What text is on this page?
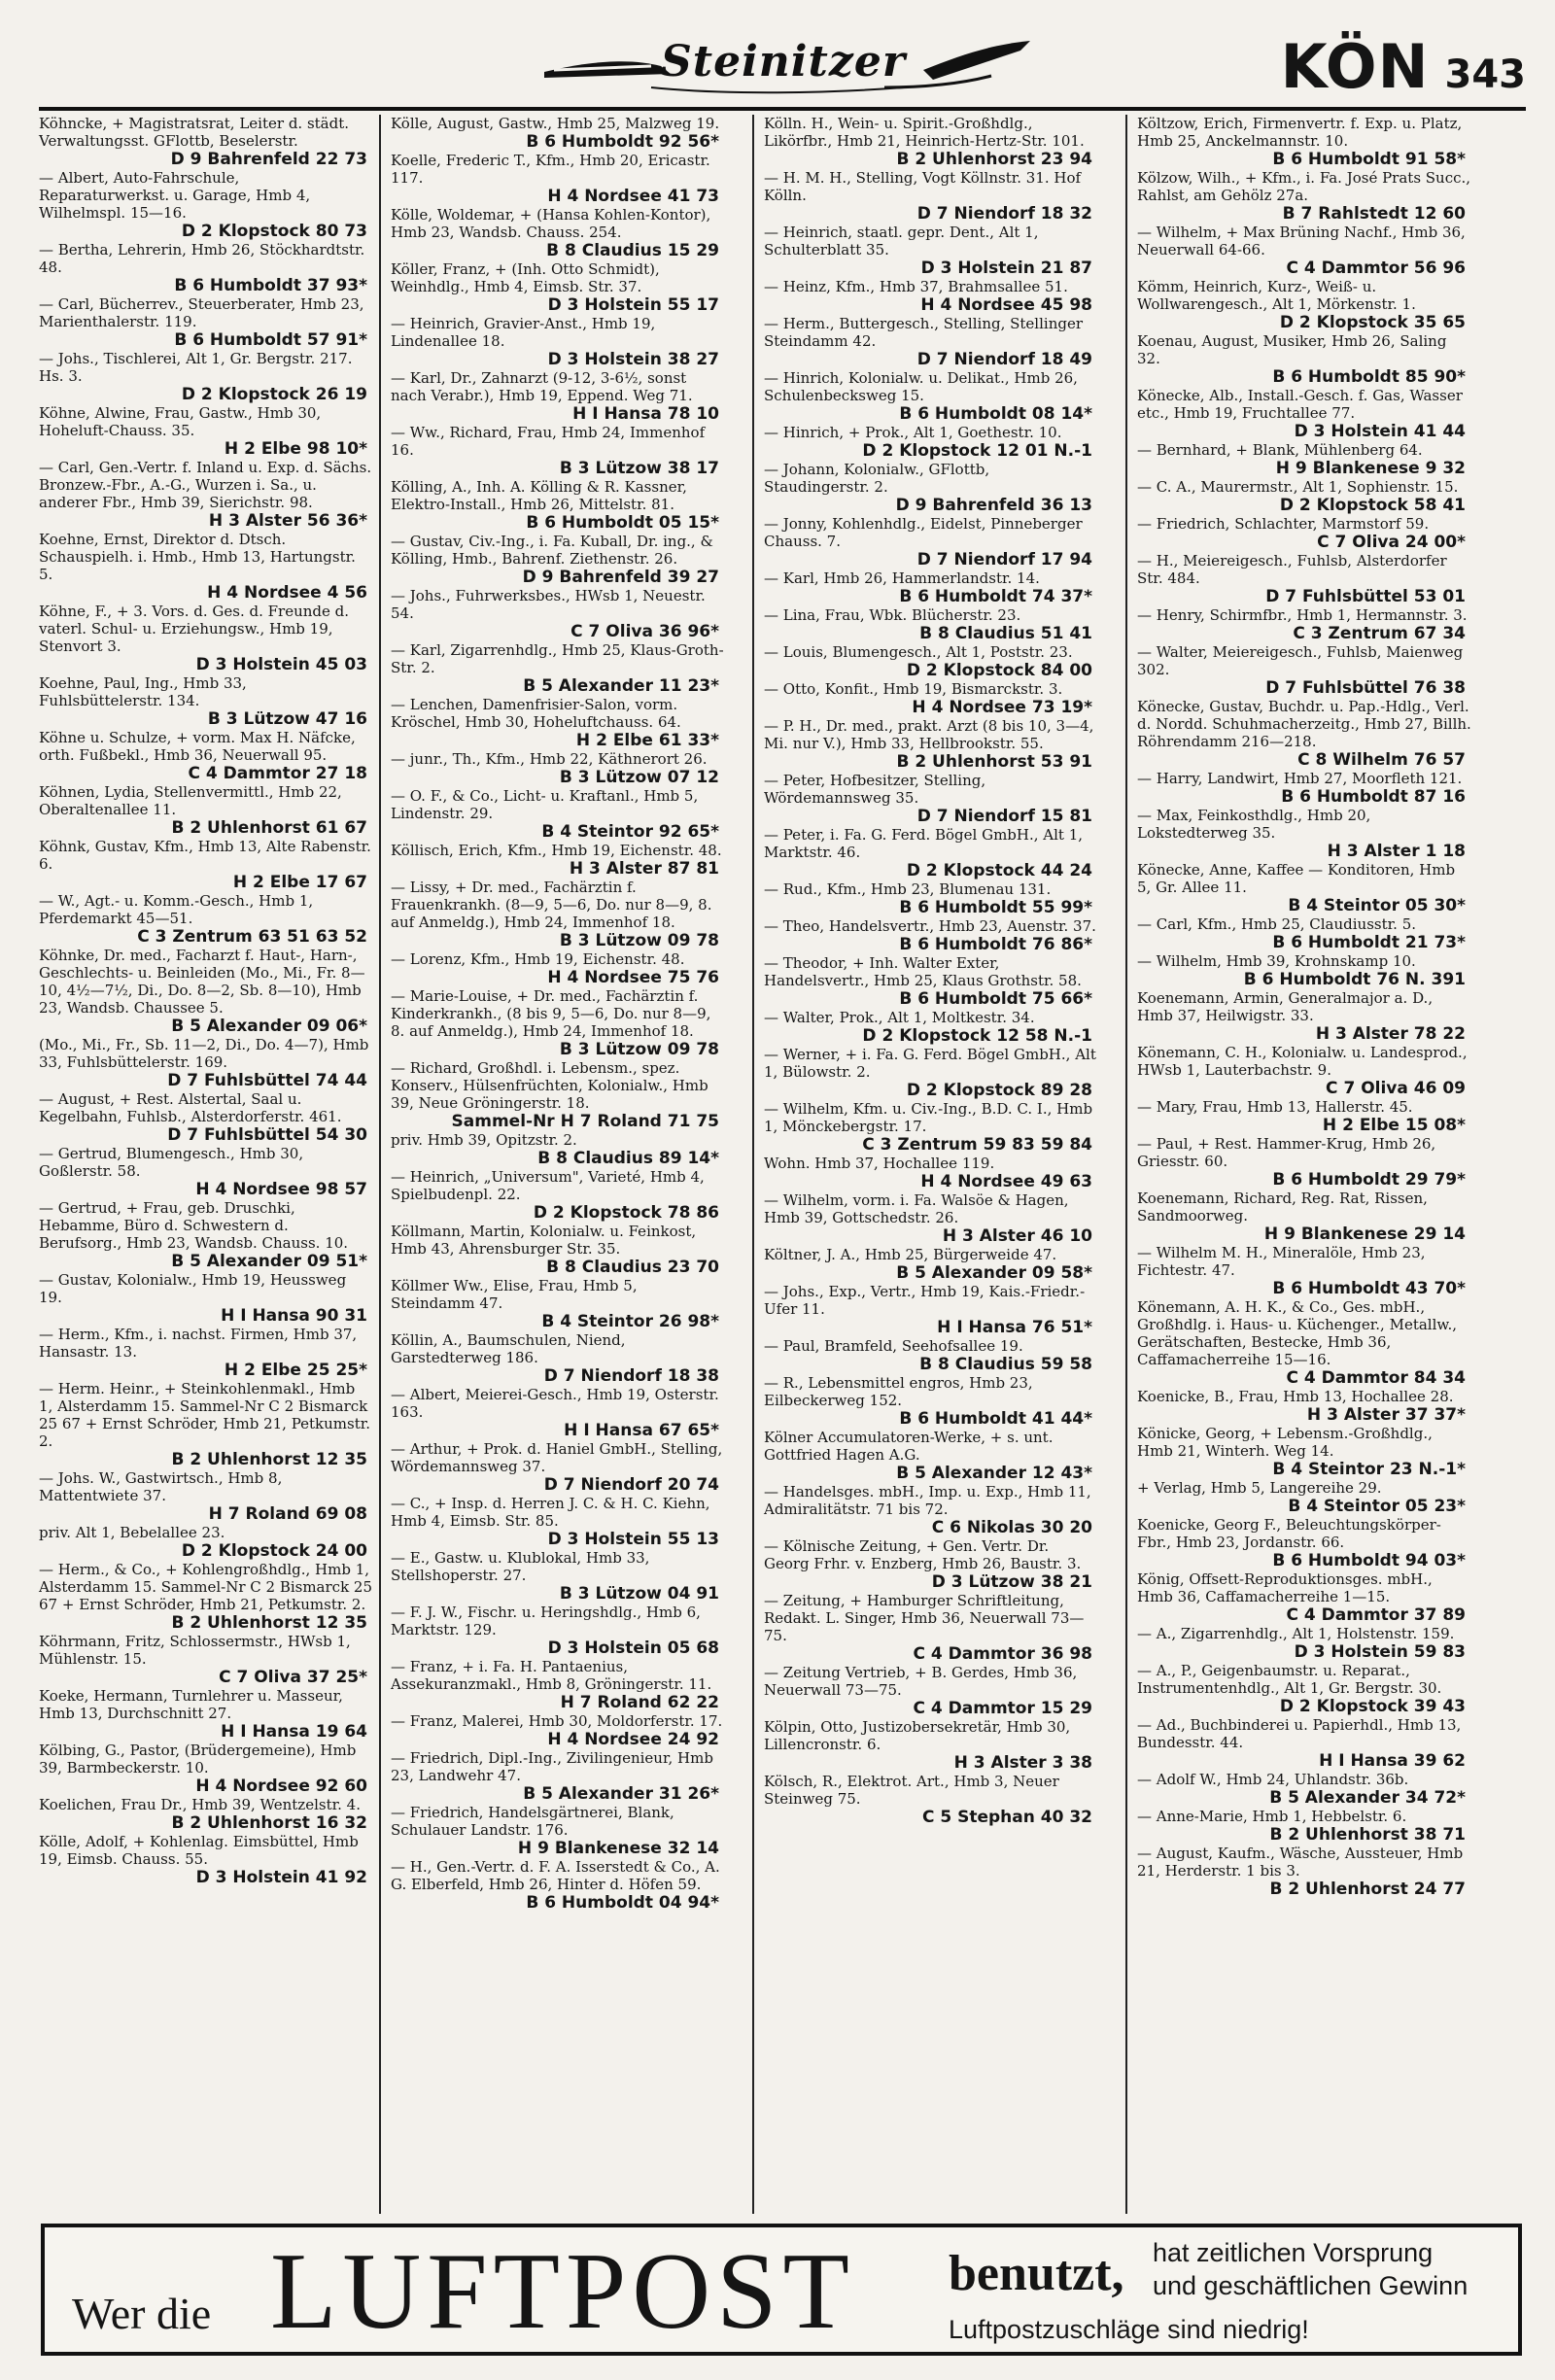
Steinitzer	KÖN 343
Köhncke, + Magistratsrat, Leiter d. städt. Verwaltungsst. GFlottb, Beselerstr.
D 9 Bahrenfeld 22 73
— Albert, Auto-Fahrschule, Reparaturwerkst. u. Garage, Hmb 4, Wilhelmspl. 15—16.
D 2 Klopstock 80 73
— Bertha, Lehrerin, Hmb 26, Stöckhardtstr. 48.
B 6 Humboldt 37 93*
— Carl, Bücherrev., Steuerberater, Hmb 23, Marienthalerstr. 119.
B 6 Humboldt 57 91*
— Johs., Tischlerei, Alt 1, Gr. Bergstr. 217. Hs. 3.
D 2 Klopstock 26 19
Köhne, Alwine, Frau, Gastw., Hmb 30, Hoheluft-Chauss. 35.
H 2 Elbe 98 10*
— Carl, Gen.-Vertr. f. Inland u. Exp. d. Sächs. Bronzew.-Fbr., A.-G., Wurzen i. Sa., u. anderer Fbr., Hmb 39, Sierichstr. 98.
H 3 Alster 56 36*
Koehne, Ernst, Direktor d. Dtsch. Schauspielh. i. Hmb., Hmb 13, Hartungstr. 5.
H 4 Nordsee 4 56
Köhne, F., + 3. Vors. d. Ges. d. Freunde d. vaterl. Schul- u. Erziehungsw., Hmb 19, Stenvort 3.
D 3 Holstein 45 03
Koehne, Paul, Ing., Hmb 33, Fuhlsbüttelerstr. 134.
B 3 Lützow 47 16
Köhne u. Schulze, + vorm. Max H. Näfcke, orth. Fußbekl., Hmb 36, Neuerwall 95.
C 4 Dammtor 27 18
Köhnen, Lydia, Stellenvermittl., Hmb 22, Oberaltenallee 11.
B 2 Uhlenhorst 61 67
Köhnk, Gustav, Kfm., Hmb 13, Alte Rabenstr. 6.
H 2 Elbe 17 67
— W., Agt.- u. Komm.-Gesch., Hmb 1, Pferdemarkt 45—51.
C 3 Zentrum 63 51 63 52
Köhnke, Dr. med., Facharzt f. Haut-, Harn-, Geschlechts- u. Beinleiden (Mo., Mi., Fr. 8—10, 4½—7½, Di., Do. 8—2, Sb. 8—10), Hmb 23, Wandsb. Chaussee 5.
B 5 Alexander 09 06*
(Mo., Mi., Fr., Sb. 11—2, Di., Do. 4—7), Hmb 33, Fuhlsbüttelerstr. 169.
D 7 Fuhlsbüttel 74 44
— August, + Rest. Alstertal, Saal u. Kegelbahn, Fuhlsb., Alsterdorferstr. 461.
D 7 Fuhlsbüttel 54 30
— Gertrud, Blumengesch., Hmb 30, Goßlerstr. 58.
H 4 Nordsee 98 57
— Gertrud, + Frau, geb. Druschki, Hebamme, Büro d. Schwestern d. Berufsorg., Hmb 23, Wandsb. Chauss. 10.
B 5 Alexander 09 51*
— Gustav, Kolonialw., Hmb 19, Heussweg 19.
H I Hansa 90 31
— Herm., Kfm., i. nachst. Firmen, Hmb 37, Hansastr. 13.
H 2 Elbe 25 25*
— Herm. Heinr., + Steinkohlenmakl., Hmb 1, Alsterdamm 15. Sammel-Nr C 2 Bismarck 25 67 + Ernst Schröder, Hmb 21, Petkumstr. 2.
B 2 Uhlenhorst 12 35
— Johs. W., Gastwirtsch., Hmb 8, Mattentwiete 37.
H 7 Roland 69 08
priv. Alt 1, Bebelallee 23.
D 2 Klopstock 24 00
— Herm., & Co., + Kohlengroßhdlg., Hmb 1, Alsterdamm 15. Sammel-Nr C 2 Bismarck 25 67 + Ernst Schröder, Hmb 21, Petkumstr. 2.
B 2 Uhlenhorst 12 35
Köhrmann, Fritz, Schlossermstr., HWsb 1, Mühlenstr. 15.
C 7 Oliva 37 25*
Koeke, Hermann, Turnlehrer u. Masseur, Hmb 13, Durchschnitt 27.
H I Hansa 19 64
Kölbing, G., Pastor, (Brüdergemeine), Hmb 39, Barmbeckerstr. 10.
H 4 Nordsee 92 60
Koelichen, Frau Dr., Hmb 39, Wentzelstr. 4.
B 2 Uhlenhorst 16 32
Kölle, Adolf, + Kohlenlag. Eimsbüttel, Hmb 19, Eimsb. Chauss. 55.
D 3 Holstein 41 92
Kölle, August, Gastw., Hmb 25, Malzweg 19.
B 6 Humboldt 92 56*
Koelle, Frederic T., Kfm., Hmb 20, Ericastr. 117.
H 4 Nordsee 41 73
Kölle, Woldemar, + (Hansa Kohlen-Kontor), Hmb 23, Wandsb. Chauss. 254.
B 8 Claudius 15 29
Köller, Franz, + (Inh. Otto Schmidt), Weinhdlg., Hmb 4, Eimsb. Str. 37.
D 3 Holstein 55 17
— Heinrich, Gravier-Anst., Hmb 19, Lindenallee 18.
D 3 Holstein 38 27
— Karl, Dr., Zahnarzt (9-12, 3-6½, sonst nach Verabr.), Hmb 19, Eppend. Weg 71.
H I Hansa 78 10
— Ww., Richard, Frau, Hmb 24, Immenhof 16.
B 3 Lützow 38 17
Kölling, A., Inh. A. Kölling & R. Kassner, Elektro-Install., Hmb 26, Mittelstr. 81.
B 6 Humboldt 05 15*
— Gustav, Civ.-Ing., i. Fa. Kuball, Dr. ing., & Kölling, Hmb., Bahrenf. Ziethenstr. 26.
D 9 Bahrenfeld 39 27
— Johs., Fuhrwerksbes., HWsb 1, Neuestr. 54.
C 7 Oliva 36 96*
— Karl, Zigarrenhdlg., Hmb 25, Klaus-Groth-Str. 2.
B 5 Alexander 11 23*
— Lenchen, Damenfrisier-Salon, vorm. Kröschel, Hmb 30, Hoheluftchauss. 64.
H 2 Elbe 61 33*
— junr., Th., Kfm., Hmb 22, Käthnerort 26.
B 3 Lützow 07 12
— O. F., & Co., Licht- u. Kraftanl., Hmb 5, Lindenstr. 29.
B 4 Steintor 92 65*
Köllisch, Erich, Kfm., Hmb 19, Eichenstr. 48.
H 3 Alster 87 81
— Lissy, + Dr. med., Fachärztin f. Frauenkrankh. (8—9, 5—6, Do. nur 8—9, 8. auf Anmeldg.), Hmb 24, Immenhof 18.
B 3 Lützow 09 78
— Lorenz, Kfm., Hmb 19, Eichenstr. 48.
H 4 Nordsee 75 76
— Marie-Louise, + Dr. med., Fachärztin f. Kinderkrankh., (8 bis 9, 5—6, Do. nur 8—9, 8. auf Anmeldg.), Hmb 24, Immenhof 18.
B 3 Lützow 09 78
— Richard, Großhdl. i. Lebensm., spez. Konserv., Hülsenfrüchten, Kolonialw., Hmb 39, Neue Gröningerstr. 18.
Sammel-Nr H 7 Roland 71 75
priv. Hmb 39, Opitzstr. 2.
B 8 Claudius 89 14*
— Heinrich, „Universum", Varieté, Hmb 4, Spielbudenpl. 22.
D 2 Klopstock 78 86
Köllmann, Martin, Kolonialw. u. Feinkost, Hmb 43, Ahrensburger Str. 35.
B 8 Claudius 23 70
Köllmer Ww., Elise, Frau, Hmb 5, Steindamm 47.
B 4 Steintor 26 98*
Köllin, A., Baumschulen, Niend, Garstedterweg 186.
D 7 Niendorf 18 38
— Albert, Meierei-Gesch., Hmb 19, Osterstr. 163.
H I Hansa 67 65*
— Arthur, + Prok. d. Haniel GmbH., Stelling, Wördemannsweg 37.
D 7 Niendorf 20 74
— C., + Insp. d. Herren J. C. & H. C. Kiehn, Hmb 4, Eimsb. Str. 85.
D 3 Holstein 55 13
— E., Gastw. u. Klublokal, Hmb 33, Stellshoperstr. 27.
B 3 Lützow 04 91
— F. J. W., Fischr. u. Heringshdlg., Hmb 6, Marktstr. 129.
D 3 Holstein 05 68
— Franz, + i. Fa. H. Pantaenius, Assekuranzmakl., Hmb 8, Gröningerstr. 11.
H 7 Roland 62 22
— Franz, Malerei, Hmb 30, Moldorferstr. 17.
H 4 Nordsee 24 92
— Friedrich, Dipl.-Ing., Zivilingenieur, Hmb 23, Landwehr 47.
B 5 Alexander 31 26*
— Friedrich, Handelsgärtnerei, Blank, Schulauer Landstr. 176.
H 9 Blankenese 32 14
— H., Gen.-Vertr. d. F. A. Isserstedt & Co., A. G. Elberfeld, Hmb 26, Hinter d. Höfen 59.
B 6 Humboldt 04 94*
Kölln. H., Wein- u. Spirit.-Großhdlg., Likörfbr., Hmb 21, Heinrich-Hertz-Str. 101.
B 2 Uhlenhorst 23 94
— H. M. H., Stelling, Vogt Köllnstr. 31. Hof Kölln.
D 7 Niendorf 18 32
— Heinrich, staatl. gepr. Dent., Alt 1, Schulterblatt 35.
D 3 Holstein 21 87
— Heinz, Kfm., Hmb 37, Brahmsallee 51.
H 4 Nordsee 45 98
— Herm., Buttergesch., Stelling, Stellinger Steindamm 42.
D 7 Niendorf 18 49
— Hinrich, Kolonialw. u. Delikat., Hmb 26, Schulenbecksweg 15.
B 6 Humboldt 08 14*
— Hinrich, + Prok., Alt 1, Goethestr. 10.
D 2 Klopstock 12 01 N.-1
— Johann, Kolonialw., GFlottb, Staudingerstr. 2.
D 9 Bahrenfeld 36 13
— Jonny, Kohlenhdlg., Eidelst, Pinneberger Chauss. 7.
D 7 Niendorf 17 94
— Karl, Hmb 26, Hammerlandstr. 14.
B 6 Humboldt 74 37*
— Lina, Frau, Wbk. Blücherstr. 23.
B 8 Claudius 51 41
— Louis, Blumengesch., Alt 1, Poststr. 23.
D 2 Klopstock 84 00
— Otto, Konfit., Hmb 19, Bismarckstr. 3.
H 4 Nordsee 73 19*
— P. H., Dr. med., prakt. Arzt (8 bis 10, 3—4, Mi. nur V.), Hmb 33, Hellbrookstr. 55.
B 2 Uhlenhorst 53 91
— Peter, Hofbesitzer, Stelling, Wördemannsweg 35.
D 7 Niendorf 15 81
— Peter, i. Fa. G. Ferd. Bögel GmbH., Alt 1, Marktstr. 46.
D 2 Klopstock 44 24
— Rud., Kfm., Hmb 23, Blumenau 131.
B 6 Humboldt 55 99*
— Theo, Handelsvertr., Hmb 23, Auenstr. 37.
B 6 Humboldt 76 86*
— Theodor, + Inh. Walter Exter, Handelsvertr., Hmb 25, Klaus Grothstr. 58.
B 6 Humboldt 75 66*
— Walter, Prok., Alt 1, Moltkestr. 34.
D 2 Klopstock 12 58 N.-1
— Werner, + i. Fa. G. Ferd. Bögel GmbH., Alt 1, Bülowstr. 2.
D 2 Klopstock 89 28
— Wilhelm, Kfm. u. Civ.-Ing., B.D. C. I., Hmb 1, Mönckebergstr. 17.
C 3 Zentrum 59 83 59 84
Wohn. Hmb 37, Hochallee 119.
H 4 Nordsee 49 63
— Wilhelm, vorm. i. Fa. Walsöe & Hagen, Hmb 39, Gottschedstr. 26.
H 3 Alster 46 10
Költner, J. A., Hmb 25, Bürgerweide 47.
B 5 Alexander 09 58*
— Johs., Exp., Vertr., Hmb 19, Kais.-Friedr.-Ufer 11.
H I Hansa 76 51*
— Paul, Bramfeld, Seehofsallee 19.
B 8 Claudius 59 58
— R., Lebensmittel engros, Hmb 23, Eilbeckerweg 152.
B 6 Humboldt 41 44*
Kölner Accumulatoren-Werke, + s. unt. Gottfried Hagen A.G.
B 5 Alexander 12 43*
— Handelsges. mbH., Imp. u. Exp., Hmb 11, Admiralitätstr. 71 bis 72.
C 6 Nikolas 30 20
— Kölnische Zeitung, + Gen. Vertr. Dr. Georg Frhr. v. Enzberg, Hmb 26, Baustr. 3.
D 3 Lützow 38 21
— Zeitung, + Hamburger Schriftleitung, Redakt. L. Singer, Hmb 36, Neuerwall 73—75.
C 4 Dammtor 36 98
— Zeitung Vertrieb, + B. Gerdes, Hmb 36, Neuerwall 73—75.
C 4 Dammtor 15 29
Kölpin, Otto, Justizobersekretär, Hmb 30, Lillencronstr. 6.
H 3 Alster 3 38
Kölsch, R., Elektrot. Art., Hmb 3, Neuer Steinweg 75.
C 5 Stephan 40 32
Költzow, Erich, Firmenvertr. f. Exp. u. Platz, Hmb 25, Anckelmannstr. 10.
B 6 Humboldt 91 58*
Kölzow, Wilh., + Kfm., i. Fa. José Prats Succ., Rahlst, am Gehölz 27a.
B 7 Rahlstedt 12 60
— Wilhelm, + Max Brüning Nachf., Hmb 36, Neuerwall 64-66.
C 4 Dammtor 56 96
Kömm, Heinrich, Kurz-, Weiß- u. Wollwarengesch., Alt 1, Mörkenstr. 1.
D 2 Klopstock 35 65
Koenau, August, Musiker, Hmb 26, Saling 32.
B 6 Humboldt 85 90*
Könecke, Alb., Install.-Gesch. f. Gas, Wasser etc., Hmb 19, Fruchtallee 77.
D 3 Holstein 41 44
— Bernhard, + Blank, Mühlenberg 64.
H 9 Blankenese 9 32
— C. A., Maurermstr., Alt 1, Sophienstr. 15.
D 2 Klopstock 58 41
— Friedrich, Schlachter, Marmstorf 59.
C 7 Oliva 24 00*
— H., Meiereigesch., Fuhlsb, Alsterdorfer Str. 484.
D 7 Fuhlsbüttel 53 01
— Henry, Schirmfbr., Hmb 1, Hermannstr. 3.
C 3 Zentrum 67 34
— Walter, Meiereigesch., Fuhlsb, Maienweg 302.
D 7 Fuhlsbüttel 76 38
Könecke, Gustav, Buchdr. u. Pap.-Hdlg., Verl. d. Nordd. Schuhmacherzeitg., Hmb 27, Billh. Röhrendamm 216—218.
C 8 Wilhelm 76 57
— Harry, Landwirt, Hmb 27, Moorfleth 121.
B 6 Humboldt 87 16
— Max, Feinkosthdlg., Hmb 20, Lokstedterweg 35.
H 3 Alster 1 18
Könecke, Anne, Kaffee — Konditoren, Hmb 5, Gr. Allee 11.
B 4 Steintor 05 30*
— Carl, Kfm., Hmb 25, Claudiusstr. 5.
B 6 Humboldt 21 73*
— Wilhelm, Hmb 39, Krohnskamp 10.
B 6 Humboldt 76 N. 391
Koenemann, Armin, Generalmajor a. D., Hmb 37, Heilwigstr. 33.
H 3 Alster 78 22
Könemann, C. H., Kolonialw. u. Landesprod., HWsb 1, Lauterbachstr. 9.
C 7 Oliva 46 09
— Mary, Frau, Hmb 13, Hallerstr. 45.
H 2 Elbe 15 08*
— Paul, + Rest. Hammer-Krug, Hmb 26, Griesstr. 60.
B 6 Humboldt 29 79*
Koenemann, Richard, Reg. Rat, Rissen, Sandmoorweg.
H 9 Blankenese 29 14
— Wilhelm M. H., Mineralöle, Hmb 23, Fichtestr. 47.
B 6 Humboldt 43 70*
Könemann, A. H. K., & Co., Ges. mbH., Großhdlg. i. Haus- u. Küchenger., Metallw., Gerätschaften, Bestecke, Hmb 36, Caffamacherreihe 15—16.
C 4 Dammtor 84 34
Koenicke, B., Frau, Hmb 13, Hochallee 28.
H 3 Alster 37 37*
Könicke, Georg, + Lebensm.-Großhdlg., Hmb 21, Winterh. Weg 14.
B 4 Steintor 23 N.-1*
+ Verlag, Hmb 5, Langereihe 29.
B 4 Steintor 05 23*
Koenicke, Georg F., Beleuchtungskörper-Fbr., Hmb 23, Jordanstr. 66.
B 6 Humboldt 94 03*
König, Offsett-Reproduktionsges. mbH., Hmb 36, Caffamacherreihe 1—15.
C 4 Dammtor 37 89
— A., Zigarrenhdlg., Alt 1, Holstenstr. 159.
D 3 Holstein 59 83
— A., P., Geigenbaumstr. u. Reparat., Instrumentenhdlg., Alt 1, Gr. Bergstr. 30.
D 2 Klopstock 39 43
— Ad., Buchbinderei u. Papierhdl., Hmb 13, Bundesstr. 44.
H I Hansa 39 62
— Adolf W., Hmb 24, Uhlandstr. 36b.
B 5 Alexander 34 72*
— Anne-Marie, Hmb 1, Hebbelstr. 6.
B 2 Uhlenhorst 38 71
— August, Kaufm., Wäsche, Aussteuer, Hmb 21, Herderstr. 1 bis 3.
B 2 Uhlenhorst 24 77
Wer die LUFTPOST benutzt, hat zeitlichen Vorsprung
und geschäftlichen Gewinn
Luftpostzuschläge sind niedrig!
